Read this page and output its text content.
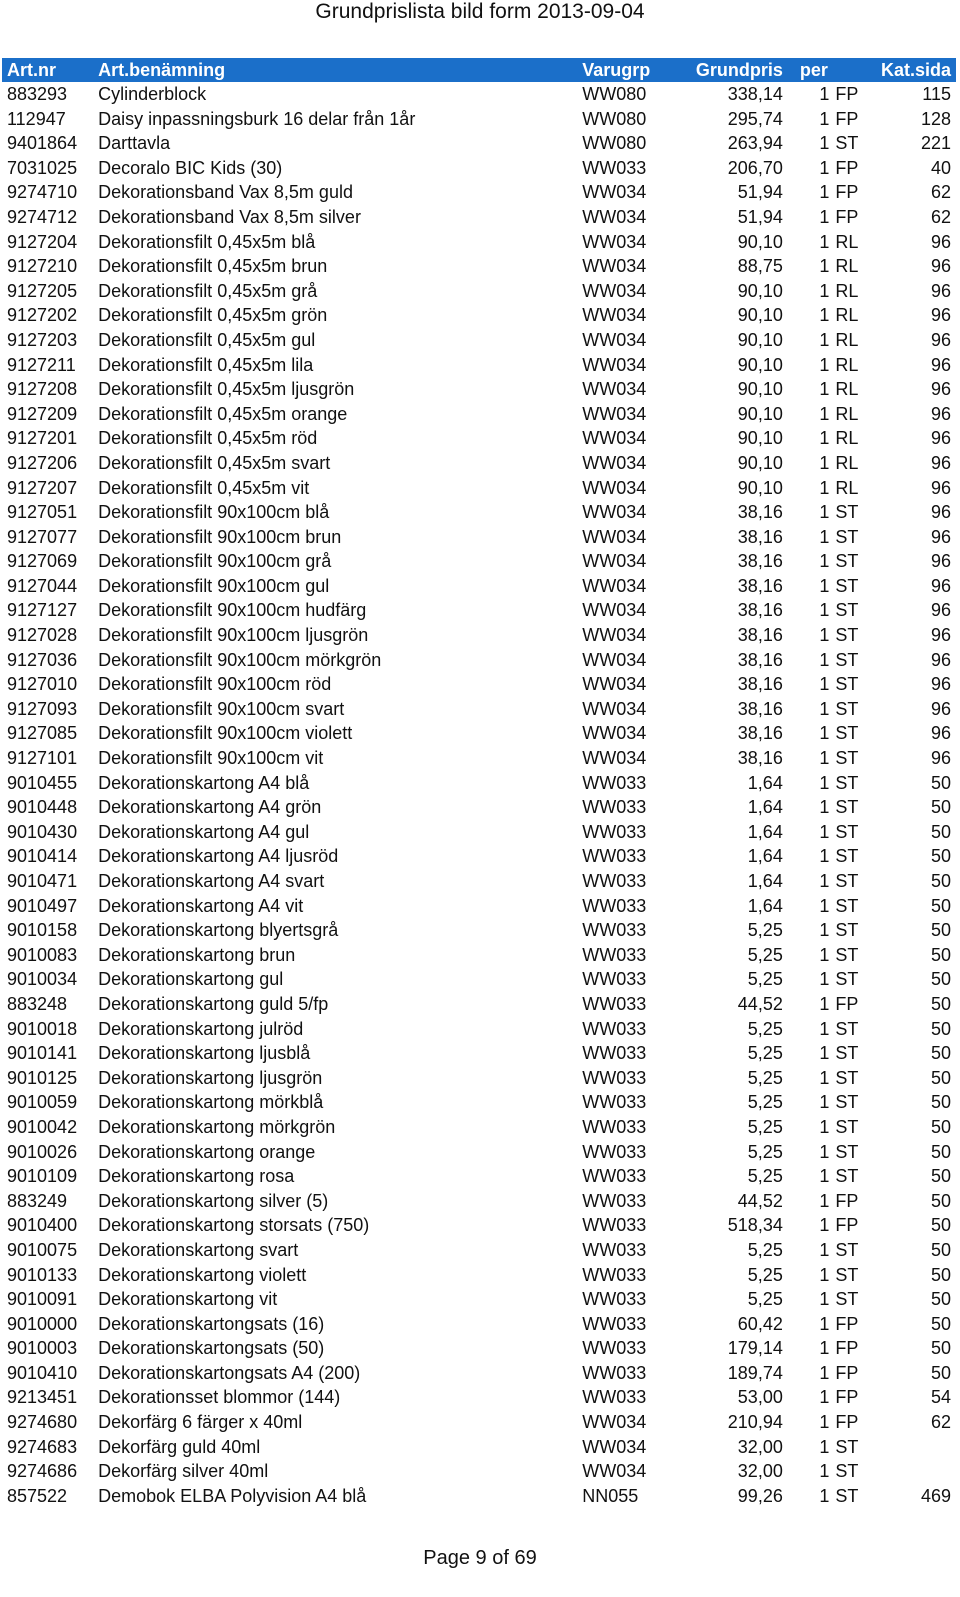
Grundprislista bild form 2013-09-04
Art.nr	Art.benämning	Varugrp	Grundpris	per		Kat.sida
883293	Cylinderblock	WW080	338,14	1	FP	115
112947	Daisy inpassningsburk 16 delar från 1år	WW080	295,74	1	FP	128
9401864	Darttavla	WW080	263,94	1	ST	221
7031025	Decoralo BIC Kids (30)	WW033	206,70	1	FP	40
9274710	Dekorationsband Vax 8,5m guld	WW034	51,94	1	FP	62
9274712	Dekorationsband Vax 8,5m silver	WW034	51,94	1	FP	62
9127204	Dekorationsfilt 0,45x5m blå	WW034	90,10	1	RL	96
9127210	Dekorationsfilt 0,45x5m brun	WW034	88,75	1	RL	96
9127205	Dekorationsfilt 0,45x5m grå	WW034	90,10	1	RL	96
9127202	Dekorationsfilt 0,45x5m grön	WW034	90,10	1	RL	96
9127203	Dekorationsfilt 0,45x5m gul	WW034	90,10	1	RL	96
9127211	Dekorationsfilt 0,45x5m lila	WW034	90,10	1	RL	96
9127208	Dekorationsfilt 0,45x5m ljusgrön	WW034	90,10	1	RL	96
9127209	Dekorationsfilt 0,45x5m orange	WW034	90,10	1	RL	96
9127201	Dekorationsfilt 0,45x5m röd	WW034	90,10	1	RL	96
9127206	Dekorationsfilt 0,45x5m svart	WW034	90,10	1	RL	96
9127207	Dekorationsfilt 0,45x5m vit	WW034	90,10	1	RL	96
9127051	Dekorationsfilt 90x100cm blå	WW034	38,16	1	ST	96
9127077	Dekorationsfilt 90x100cm brun	WW034	38,16	1	ST	96
9127069	Dekorationsfilt 90x100cm grå	WW034	38,16	1	ST	96
9127044	Dekorationsfilt 90x100cm gul	WW034	38,16	1	ST	96
9127127	Dekorationsfilt 90x100cm hudfärg	WW034	38,16	1	ST	96
9127028	Dekorationsfilt 90x100cm ljusgrön	WW034	38,16	1	ST	96
9127036	Dekorationsfilt 90x100cm mörkgrön	WW034	38,16	1	ST	96
9127010	Dekorationsfilt 90x100cm röd	WW034	38,16	1	ST	96
9127093	Dekorationsfilt 90x100cm svart	WW034	38,16	1	ST	96
9127085	Dekorationsfilt 90x100cm violett	WW034	38,16	1	ST	96
9127101	Dekorationsfilt 90x100cm vit	WW034	38,16	1	ST	96
9010455	Dekorationskartong A4 blå	WW033	1,64	1	ST	50
9010448	Dekorationskartong A4 grön	WW033	1,64	1	ST	50
9010430	Dekorationskartong A4 gul	WW033	1,64	1	ST	50
9010414	Dekorationskartong A4 ljusröd	WW033	1,64	1	ST	50
9010471	Dekorationskartong A4 svart	WW033	1,64	1	ST	50
9010497	Dekorationskartong A4 vit	WW033	1,64	1	ST	50
9010158	Dekorationskartong blyertsgrå	WW033	5,25	1	ST	50
9010083	Dekorationskartong brun	WW033	5,25	1	ST	50
9010034	Dekorationskartong gul	WW033	5,25	1	ST	50
883248	Dekorationskartong guld 5/fp	WW033	44,52	1	FP	50
9010018	Dekorationskartong julröd	WW033	5,25	1	ST	50
9010141	Dekorationskartong ljusblå	WW033	5,25	1	ST	50
9010125	Dekorationskartong ljusgrön	WW033	5,25	1	ST	50
9010059	Dekorationskartong mörkblå	WW033	5,25	1	ST	50
9010042	Dekorationskartong mörkgrön	WW033	5,25	1	ST	50
9010026	Dekorationskartong orange	WW033	5,25	1	ST	50
9010109	Dekorationskartong rosa	WW033	5,25	1	ST	50
883249	Dekorationskartong silver (5)	WW033	44,52	1	FP	50
9010400	Dekorationskartong storsats (750)	WW033	518,34	1	FP	50
9010075	Dekorationskartong svart	WW033	5,25	1	ST	50
9010133	Dekorationskartong violett	WW033	5,25	1	ST	50
9010091	Dekorationskartong vit	WW033	5,25	1	ST	50
9010000	Dekorationskartongsats (16)	WW033	60,42	1	FP	50
9010003	Dekorationskartongsats (50)	WW033	179,14	1	FP	50
9010410	Dekorationskartongsats A4 (200)	WW033	189,74	1	FP	50
9213451	Dekorationsset blommor (144)	WW033	53,00	1	FP	54
9274680	Dekorfärg 6 färger x 40ml	WW034	210,94	1	FP	62
9274683	Dekorfärg guld 40ml	WW034	32,00	1	ST	
9274686	Dekorfärg silver 40ml	WW034	32,00	1	ST	
857522	Demobok ELBA Polyvision A4 blå	NN055	99,26	1	ST	469
Page 9 of 69
